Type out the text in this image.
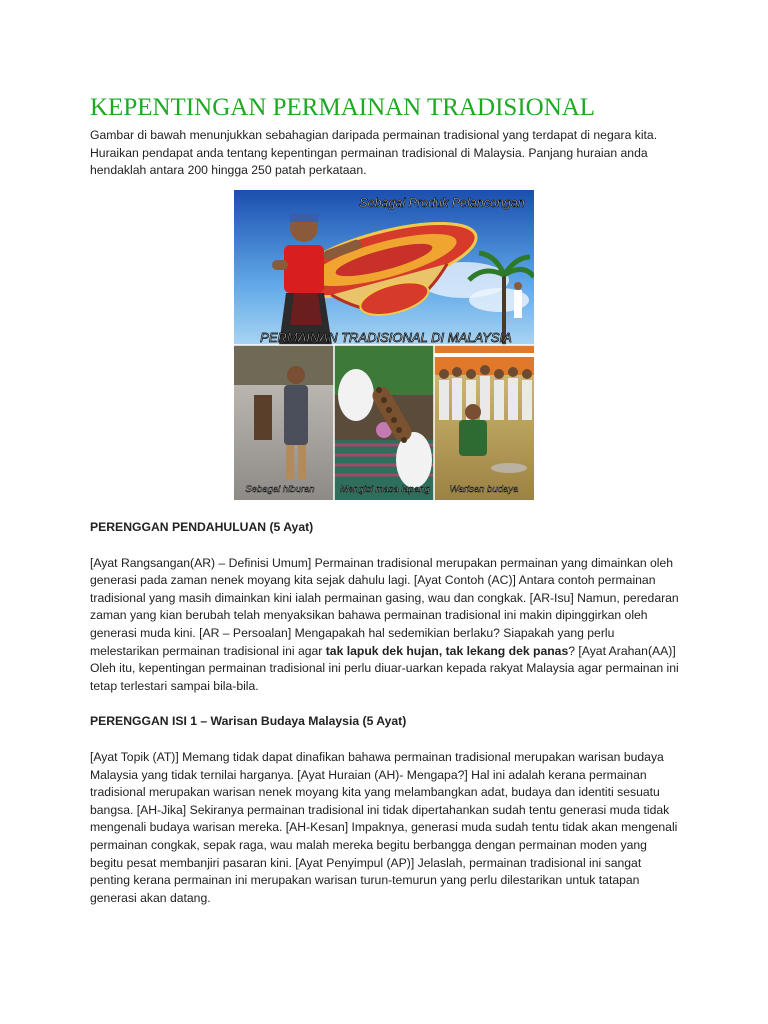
KEPENTINGAN PERMAINAN TRADISIONAL

Gambar di bawah menunjukkan sebahagian daripada permainan tradisional yang terdapat di negara kita. Huraikan pendapat anda tentang kepentingan permainan tradisional di Malaysia. Panjang huraian anda hendaklah antara 200 hingga 250 patah perkataan.

Sebagai Produk Pelancongan
PERMAINAN TRADISIONAL DI MALAYSIA
Sebagai hiburan	Mengisi masa lapang Warisan budaya

PERENGGAN PENDAHULUAN (5 Ayat)

[Ayat Rangsangan(AR) – Definisi Umum] Permainan tradisional merupakan permainan yang dimainkan oleh generasi pada zaman nenek moyang kita sejak dahulu lagi. [Ayat Contoh (AC)] Antara contoh permainan tradisional yang masih dimainkan kini ialah permainan gasing, wau dan congkak. [AR-Isu] Namun, peredaran zaman yang kian berubah telah menyaksikan bahawa permainan tradisional ini makin dipinggirkan oleh generasi muda kini. [AR – Persoalan] Mengapakah hal sedemikian berlaku? Siapakah yang perlu melestarikan permainan tradisional ini agar tak lapuk dek hujan, tak lekang dek panas? [Ayat Arahan(AA)] Oleh itu, kepentingan permainan tradisional ini perlu diuar-uarkan kepada rakyat Malaysia agar permainan ini tetap terlestari sampai bila-bila.

PERENGGAN ISI 1 – Warisan Budaya Malaysia (5 Ayat)

[Ayat Topik (AT)] Memang tidak dapat dinafikan bahawa permainan tradisional merupakan warisan budaya Malaysia yang tidak ternilai harganya. [Ayat Huraian (AH)- Mengapa?] Hal ini adalah kerana permainan tradisional merupakan warisan nenek moyang kita yang melambangkan adat, budaya dan identiti sesuatu bangsa. [AH-Jika] Sekiranya permainan tradisional ini tidak dipertahankan sudah tentu generasi muda tidak mengenali budaya warisan mereka. [AH-Kesan] Impaknya, generasi muda sudah tentu tidak akan mengenali permainan congkak, sepak raga, wau malah mereka begitu berbangga dengan permainan moden yang begitu pesat membanjiri pasaran kini. [Ayat Penyimpul (AP)] Jelaslah, permainan tradisional ini sangat penting kerana permainan ini merupakan warisan turun-temurun yang perlu dilestarikan untuk tatapan generasi akan datang.
